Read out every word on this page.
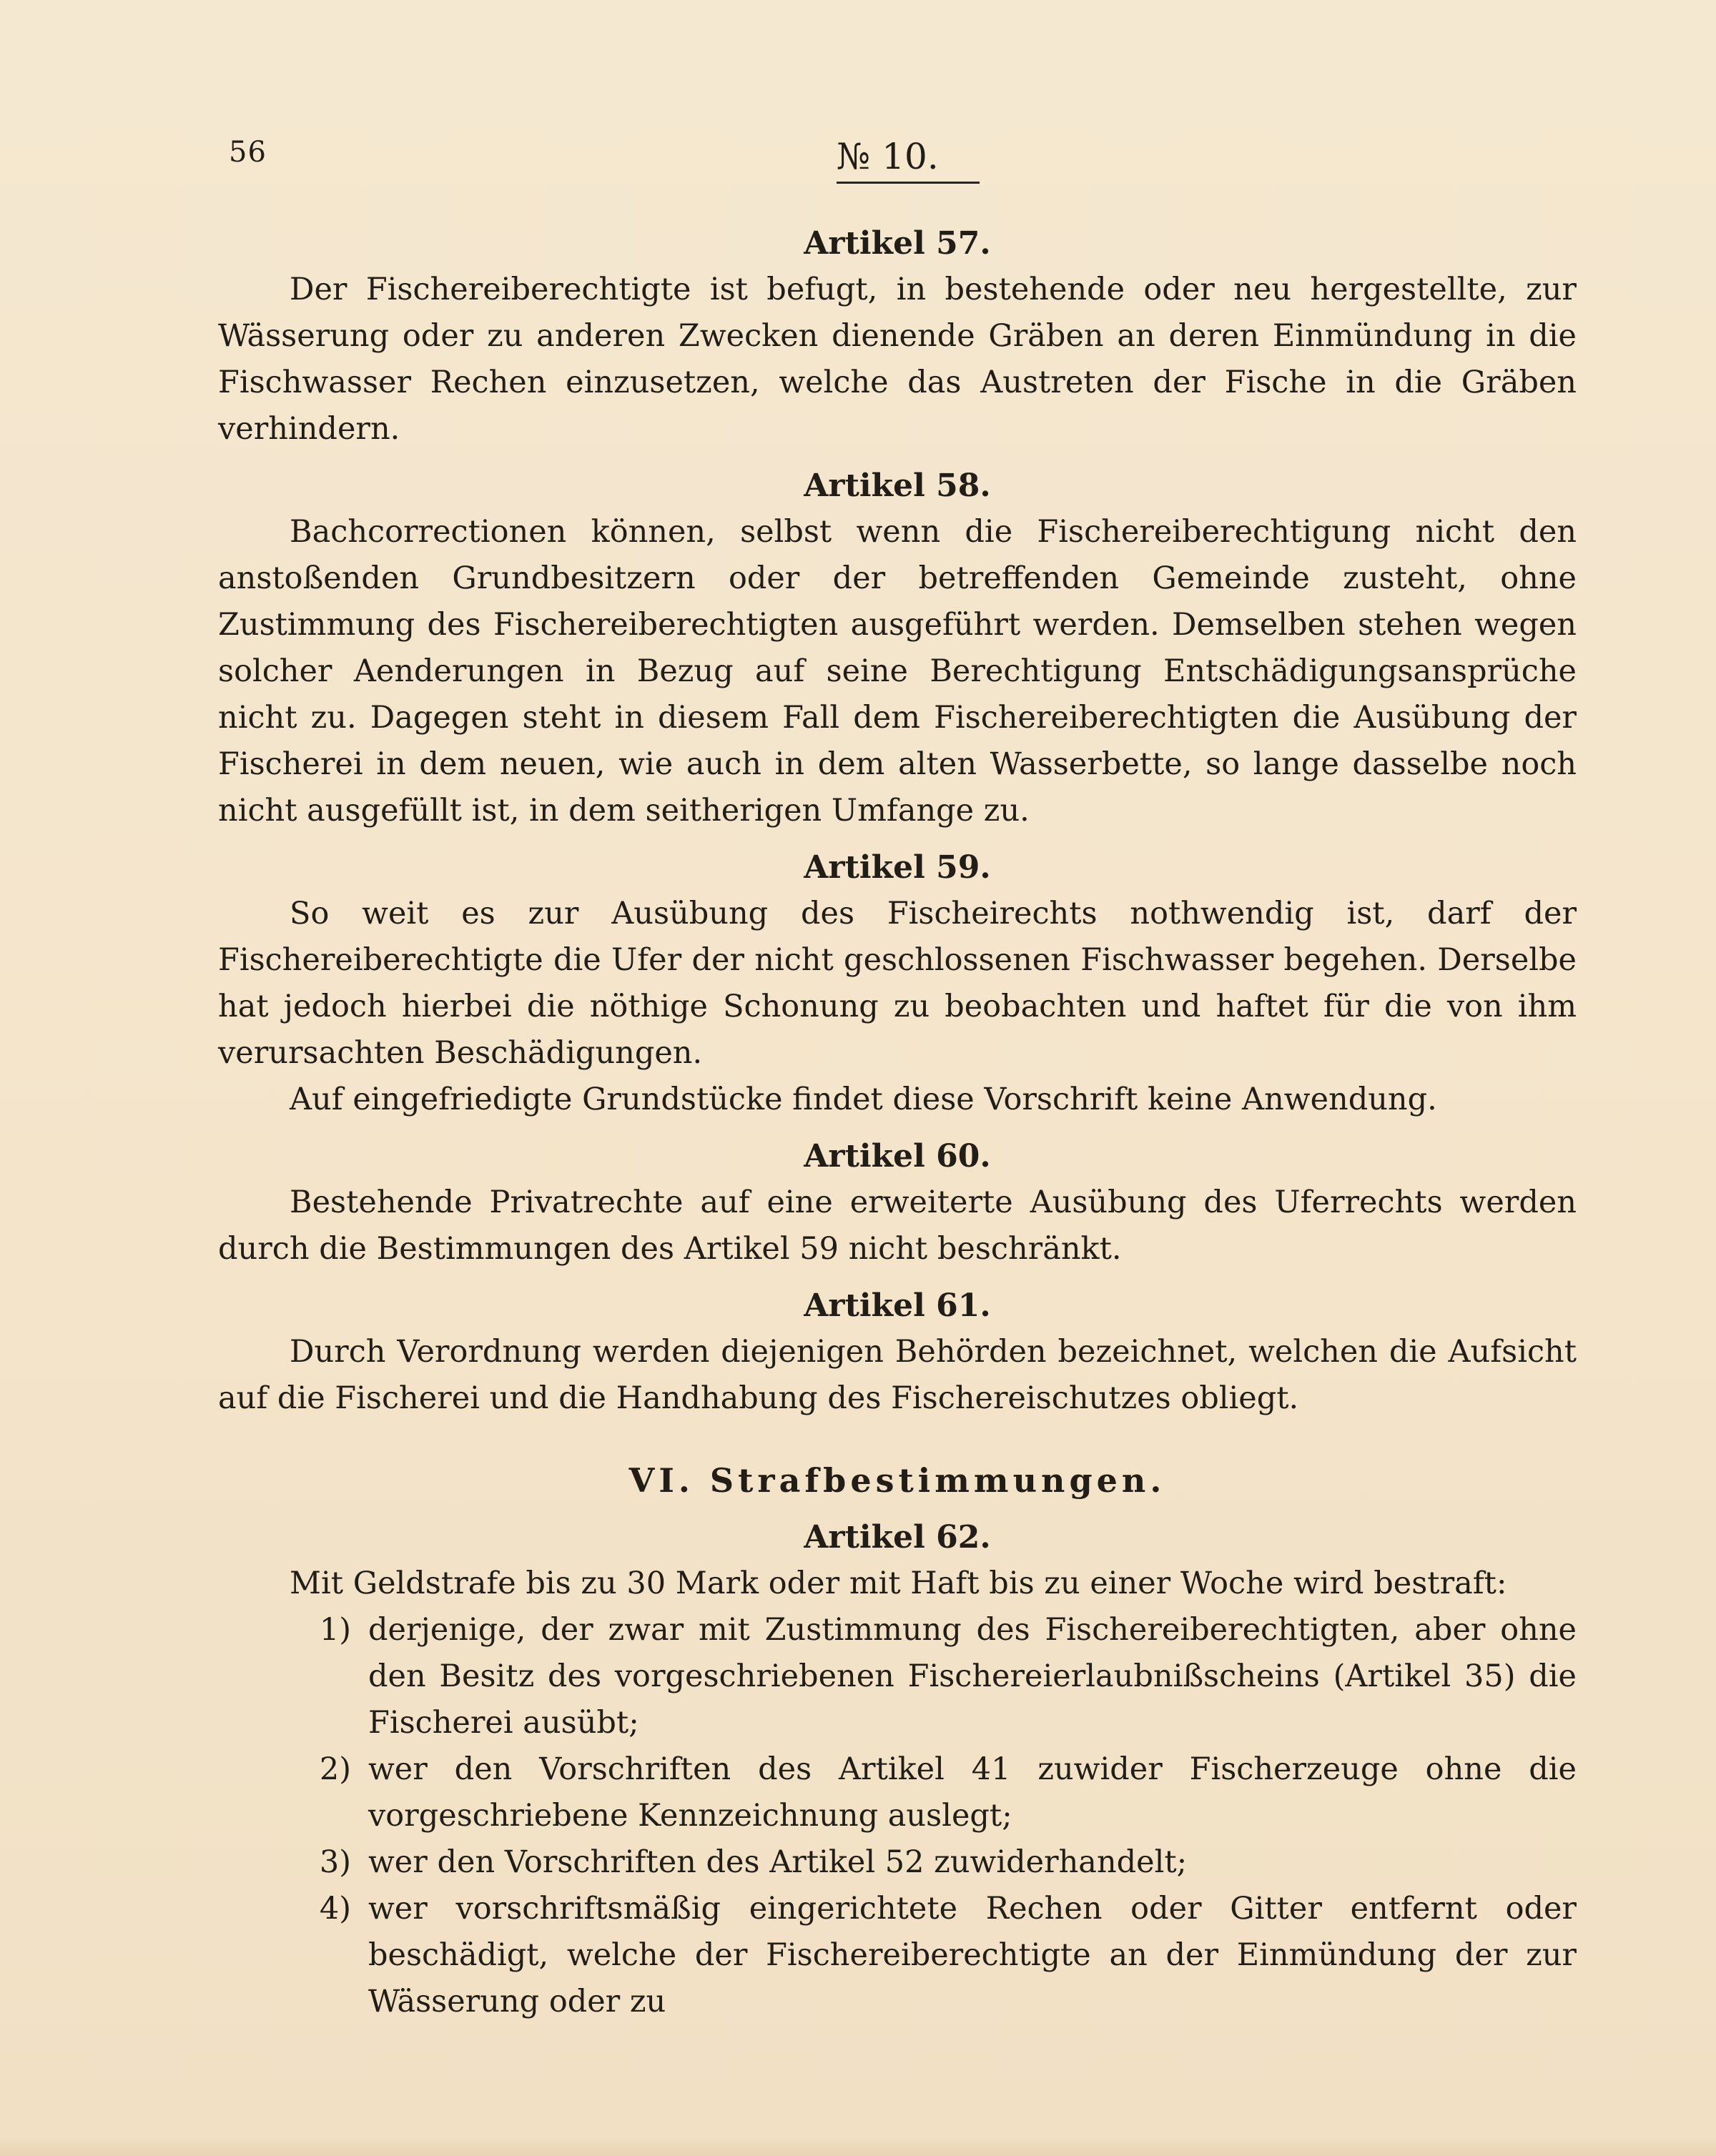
56	№ 10.
Artikel 57.

Der Fischereiberechtigte ist befugt, in bestehende oder neu hergestellte, zur Wässerung oder zu anderen Zwecken dienende Gräben an deren Einmündung in die Fischwasser Rechen einzusetzen, welche das Austreten der Fische in die Gräben verhindern.

Artikel 58.

Bachcorrectionen können, selbst wenn die Fischereiberechtigung nicht den anstoßenden Grundbesitzern oder der betreffenden Gemeinde zusteht, ohne Zustimmung des Fischereiberechtigten ausgeführt werden. Demselben stehen wegen solcher Aenderungen in Bezug auf seine Berechtigung Entschädigungsansprüche nicht zu. Dagegen steht in diesem Fall dem Fischereiberechtigten die Ausübung der Fischerei in dem neuen, wie auch in dem alten Wasserbette, so lange dasselbe noch nicht ausgefüllt ist, in dem seitherigen Umfange zu.

Artikel 59.

So weit es zur Ausübung des Fischeirechts nothwendig ist, darf der Fischereiberechtigte die Ufer der nicht geschlossenen Fischwasser begehen. Derselbe hat jedoch hierbei die nöthige Schonung zu beobachten und haftet für die von ihm verursachten Beschädigungen.

Auf eingefriedigte Grundstücke findet diese Vorschrift keine Anwendung.

Artikel 60.

Bestehende Privatrechte auf eine erweiterte Ausübung des Uferrechts werden durch die Bestimmungen des Artikel 59 nicht beschränkt.

Artikel 61.

Durch Verordnung werden diejenigen Behörden bezeichnet, welchen die Aufsicht auf die Fischerei und die Handhabung des Fischereischutzes obliegt.

VI. Strafbestimmungen.
Artikel 62.

Mit Geldstrafe bis zu 30 Mark oder mit Haft bis zu einer Woche wird bestraft:

1) derjenige, der zwar mit Zustimmung des Fischereiberechtigten, aber ohne den Besitz des vorgeschriebenen Fischereierlaubnißscheins (Artikel 35) die Fischerei ausübt;
2) wer den Vorschriften des Artikel 41 zuwider Fischerzeuge ohne die vorgeschriebene Kennzeichnung auslegt;
3) wer den Vorschriften des Artikel 52 zuwiderhandelt;
4) wer vorschriftsmäßig eingerichtete Rechen oder Gitter entfernt oder beschädigt, welche der Fischereiberechtigte an der Einmündung der zur Wässerung oder zu
